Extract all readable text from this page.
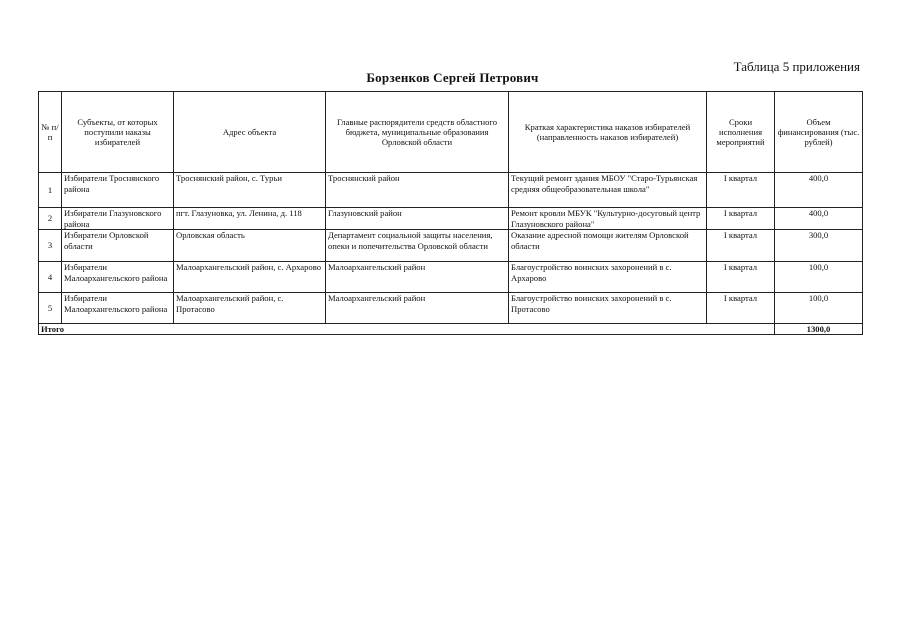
Таблица 5 приложения
Борзенков Сергей Петрович
№ п/п	Субъекты, от которых поступили наказы избирателей	Адрес объекта	Главные распорядители средств областного бюджета, муниципальные образования Орловской области	Краткая характеристика наказов избирателей (направленность наказов избирателей)	Сроки исполнения мероприятий	Объем финансирования (тыс. рублей)
1	Избиратели Троснянского района	Троснянский район, с. Турьи	Троснянский район	Текущий ремонт здания МБОУ "Старо-Турьянская средняя общеобразовательная школа"	I квартал	400,0
2	Избиратели Глазуновского района	пгт. Глазуновка, ул. Ленина, д. 118	Глазуновский район	Ремонт кровли МБУК "Культурно-досуговый центр Глазуновского района"	I квартал	400,0
3	Избиратели Орловской области	Орловская область	Департамент социальной защиты населения, опеки и попечительства Орловской области	Оказание адресной помощи жителям Орловской области	I квартал	300,0
4	Избиратели Малоархангельского района	Малоархангельский район, с. Архарово	Малоархангельский район	Благоустройство воинских захоронений в с. Архарово	I квартал	100,0
5	Избиратели Малоархангельского района	Малоархангельский район, с. Протасово	Малоархангельский район	Благоустройство воинских захоронений в с. Протасово	I квартал	100,0
Итого						1300,0
